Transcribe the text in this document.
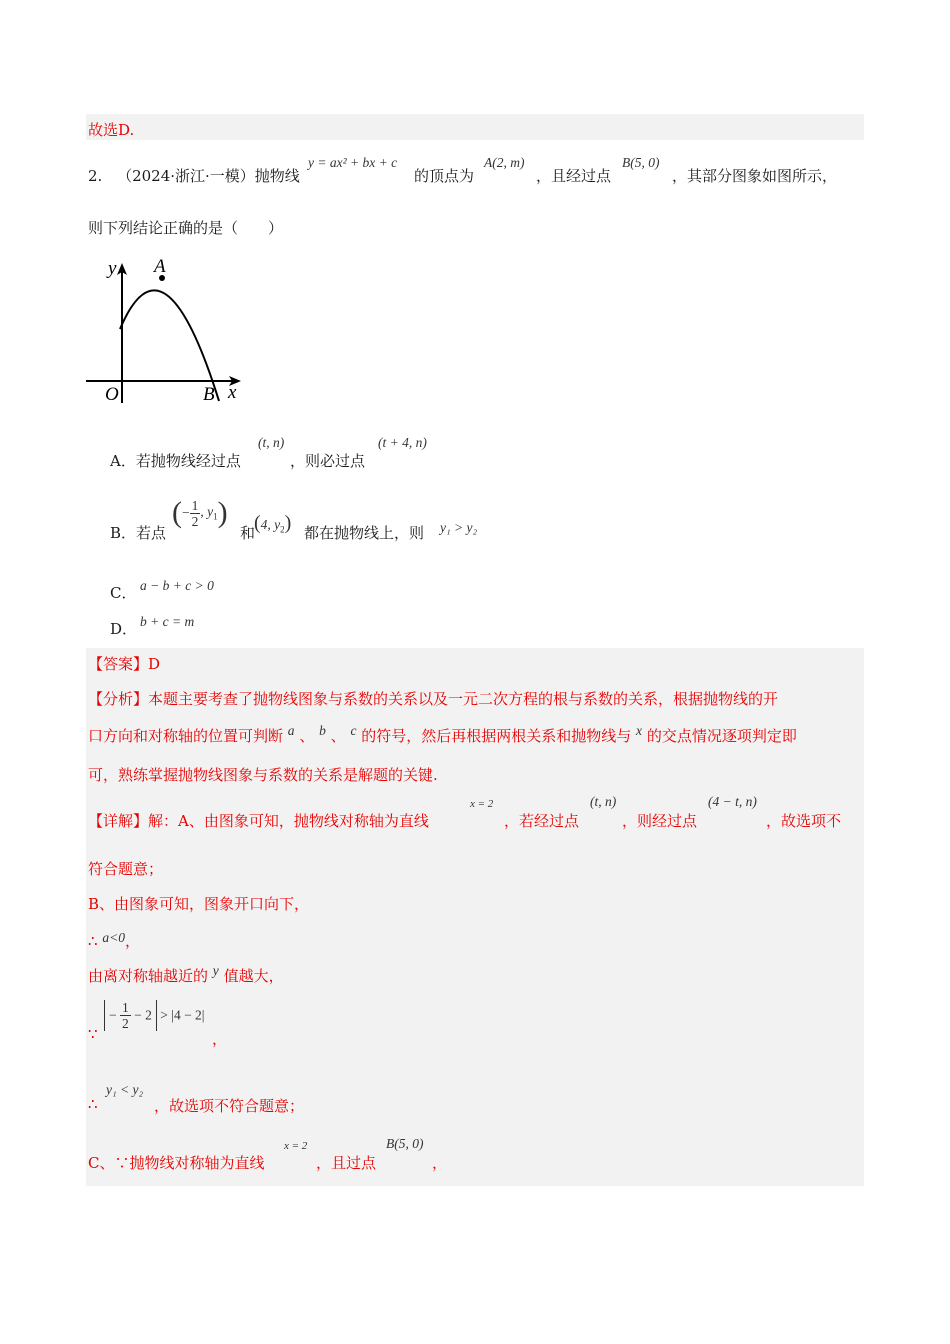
故选D.
2. （2024·浙江·一模）抛物线
y = ax² + bx + c
的顶点为
A(2, m)
，且经过点
B(5, 0)
，其部分图象如图所示，
则下列结论正确的是（　　）
y A
O	B x
A．若抛物线经过点
(t, n)
，则必过点
(t + 4, n)
B．若点
(− $\frac{1}{2}$ , $y_1$)
和
(4, $y_2$) 都在抛物线上，则 y₁ > y₂
C． a − b + c > 0
D． b + c = m
【答案】D
【分析】本题主要考查了抛物线图象与系数的关系以及一元二次方程的根与系数的关系，根据抛物线的开
口方向和对称轴的位置可判断 a 、 b 、 c 的符号，然后再根据两根关系和抛物线与 x 的交点情况逐项判定即
可，熟练掌握抛物线图象与系数的关系是解题的关键.
【详解】解：A、由图象可知，抛物线对称轴为直线
x = 2
，若经过点
(t, n)
，则经过点
(4 − t, n)
，故选项不
符合题意；
B、由图象可知，图象开口向下，
∴ a<0，
由离对称轴越近的 y 值越大，
∵
− $\frac{1}{2} - 2 > |4 - 2|$
，
∴
y₁ < y₂
，故选项不符合题意；
C、∵抛物线对称轴为直线
x = 2
，且过点
B(5, 0)
，
